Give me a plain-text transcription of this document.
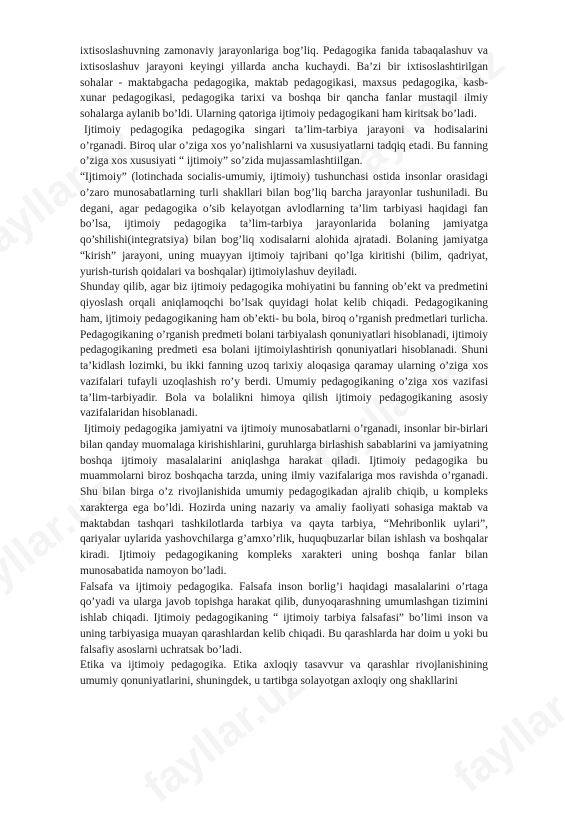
ixtisoslashuvning zamonaviy jarayonlariga bog’liq. Pedagogika fanida tabaqalashuv va ixtisoslashuv jarayoni keyingi yillarda ancha kuchaydi. Ba’zi bir ixtisoslashtirilgan sohalar - maktabgacha pedagogika, maktab pedagogikasi, maxsus pedagogika, kasb-xunar pedagogikasi, pedagogika tarixi va boshqa bir qancha fanlar mustaqil ilmiy sohalarga aylanib bo’ldi. Ularning qatoriga ijtimoiy pedagogikani ham kiritsak bo’ladi.

Ijtimoiy pedagogika pedagogika singari ta’lim-tarbiya jarayoni va hodisalarini o’rganadi. Biroq ular o’ziga xos yo’nalishlarni va xususiyatlarni tadqiq etadi. Bu fanning o’ziga xos xususiyati “ ijtimoiy” so’zida mujassamlashtiilgan.

“Ijtimoiy” (lotinchada socialis-umumiy, ijtimoiy) tushunchasi ostida insonlar orasidagi o’zaro munosabatlarning turli shakllari bilan bog’liq barcha jarayonlar tushuniladi. Bu degani, agar pedagogika o’sib kelayotgan avlodlarning ta’lim tarbiyasi haqidagi fan bo’lsa, ijtimoiy pedagogika ta’lim-tarbiya jarayonlarida bolaning jamiyatga qo’shilishi(integratsiya) bilan bog’liq xodisalarni alohida ajratadi. Bolaning jamiyatga “kirish” jarayoni, uning muayyan ijtimoiy tajribani qo’lga kiritishi (bilim, qadriyat, yurish-turish qoidalari va boshqalar) ijtimoiylashuv deyiladi.

Shunday qilib, agar biz ijtimoiy pedagogika mohiyatini bu fanning ob’ekt va predmetini qiyoslash orqali aniqlamoqchi bo’lsak quyidagi holat kelib chiqadi. Pedagogikaning ham, ijtimoiy pedagogikaning ham ob’ekti- bu bola, biroq o’rganish predmetlari turlicha. Pedagogikaning o’rganish predmeti bolani tarbiyalash qonuniyatlari hisoblanadi, ijtimoiy pedagogikaning predmeti esa bolani ijtimoiylashtirish qonuniyatlari hisoblanadi. Shuni ta’kidlash lozimki, bu ikki fanning uzoq tarixiy aloqasiga qaramay ularning o’ziga xos vazifalari tufayli uzoqlashish ro’y berdi. Umumiy pedagogikaning o’ziga xos vazifasi ta’lim-tarbiyadir. Bola va bolalikni himoya qilish ijtimoiy pedagogikaning asosiy vazifalaridan hisoblanadi.

Ijtimoiy pedagogika jamiyatni va ijtimoiy munosabatlarni o’rganadi, insonlar bir-birlari bilan qanday muomalaga kirishishlarini, guruhlarga birlashish sabablarini va jamiyatning boshqa ijtimoiy masalalarini aniqlashga harakat qiladi. Ijtimoiy pedagogika bu muammolarni biroz boshqacha tarzda, uning ilmiy vazifalariga mos ravishda o’rganadi. Shu bilan birga o’z rivojlanishida umumiy pedagogikadan ajralib chiqib, u kompleks xarakterga ega bo’ldi. Hozirda uning nazariy va amaliy faoliyati sohasiga maktab va maktabdan tashqari tashkilotlarda tarbiya va qayta tarbiya, “Mehribonlik uylari”, qariyalar uylarida yashovchilarga g’amxo’rlik, huquqbuzarlar bilan ishlash va boshqalar kiradi. Ijtimoiy pedagogikaning kompleks xarakteri uning boshqa fanlar bilan munosabatida namoyon bo’ladi.

Falsafa va ijtimoiy pedagogika. Falsafa inson borlig’i haqidagi masalalarini o’rtaga qo’yadi va ularga javob topishga harakat qilib, dunyoqarashning umumlashgan tizimini ishlab chiqadi. Ijtimoiy pedagogikaning “ ijtimoiy tarbiya falsafasi” bo’limi inson va uning tarbiyasiga muayan qarashlardan kelib chiqadi. Bu qarashlarda har doim u yoki bu falsafiy asoslarni uchratsak bo’ladi.

Etika va ijtimoiy pedagogika. Etika axloqiy tasavvur va qarashlar rivojlanishining umumiy qonuniyatlarini, shuningdek, u tartibga solayotgan axloqiy ong shakllarini
